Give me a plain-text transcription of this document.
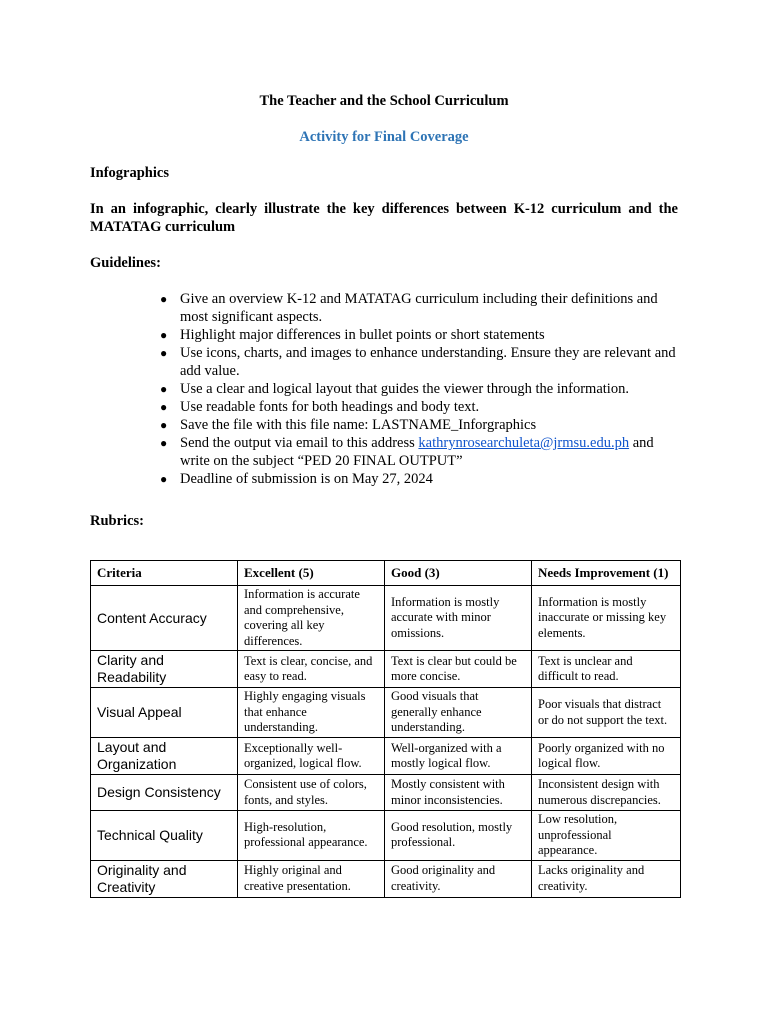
The Teacher and the School Curriculum
Activity for Final Coverage
Infographics
In an infographic, clearly illustrate the key differences between K-12 curriculum and the MATATAG curriculum
Guidelines:
● Give an overview K-12 and MATATAG curriculum including their definitions and most significant aspects.
● Highlight major differences in bullet points or short statements
● Use icons, charts, and images to enhance understanding. Ensure they are relevant and add value.
● Use a clear and logical layout that guides the viewer through the information.
● Use readable fonts for both headings and body text.
● Save the file with this file name: LASTNAME_Inforgraphics
● Send the output via email to this address kathrynrosearchuleta@jrmsu.edu.ph and write on the subject “PED 20 FINAL OUTPUT”
● Deadline of submission is on May 27, 2024
Rubrics:
Criteria	Excellent (5)	Good (3)	Needs Improvement (1)
Content Accuracy	Information is accurate and comprehensive, covering all key differences.	Information is mostly accurate with minor omissions.	Information is mostly inaccurate or missing key elements.
Clarity and Readability	Text is clear, concise, and easy to read.	Text is clear but could be more concise.	Text is unclear and difficult to read.
Visual Appeal	Highly engaging visuals that enhance understanding.	Good visuals that generally enhance understanding.	Poor visuals that distract or do not support the text.
Layout and Organization	Exceptionally well-organized, logical flow.	Well-organized with a mostly logical flow.	Poorly organized with no logical flow.
Design Consistency	Consistent use of colors, fonts, and styles.	Mostly consistent with minor inconsistencies.	Inconsistent design with numerous discrepancies.
Technical Quality	High-resolution, professional appearance.	Good resolution, mostly professional.	Low resolution, unprofessional appearance.
Originality and Creativity	Highly original and creative presentation.	Good originality and creativity.	Lacks originality and creativity.
